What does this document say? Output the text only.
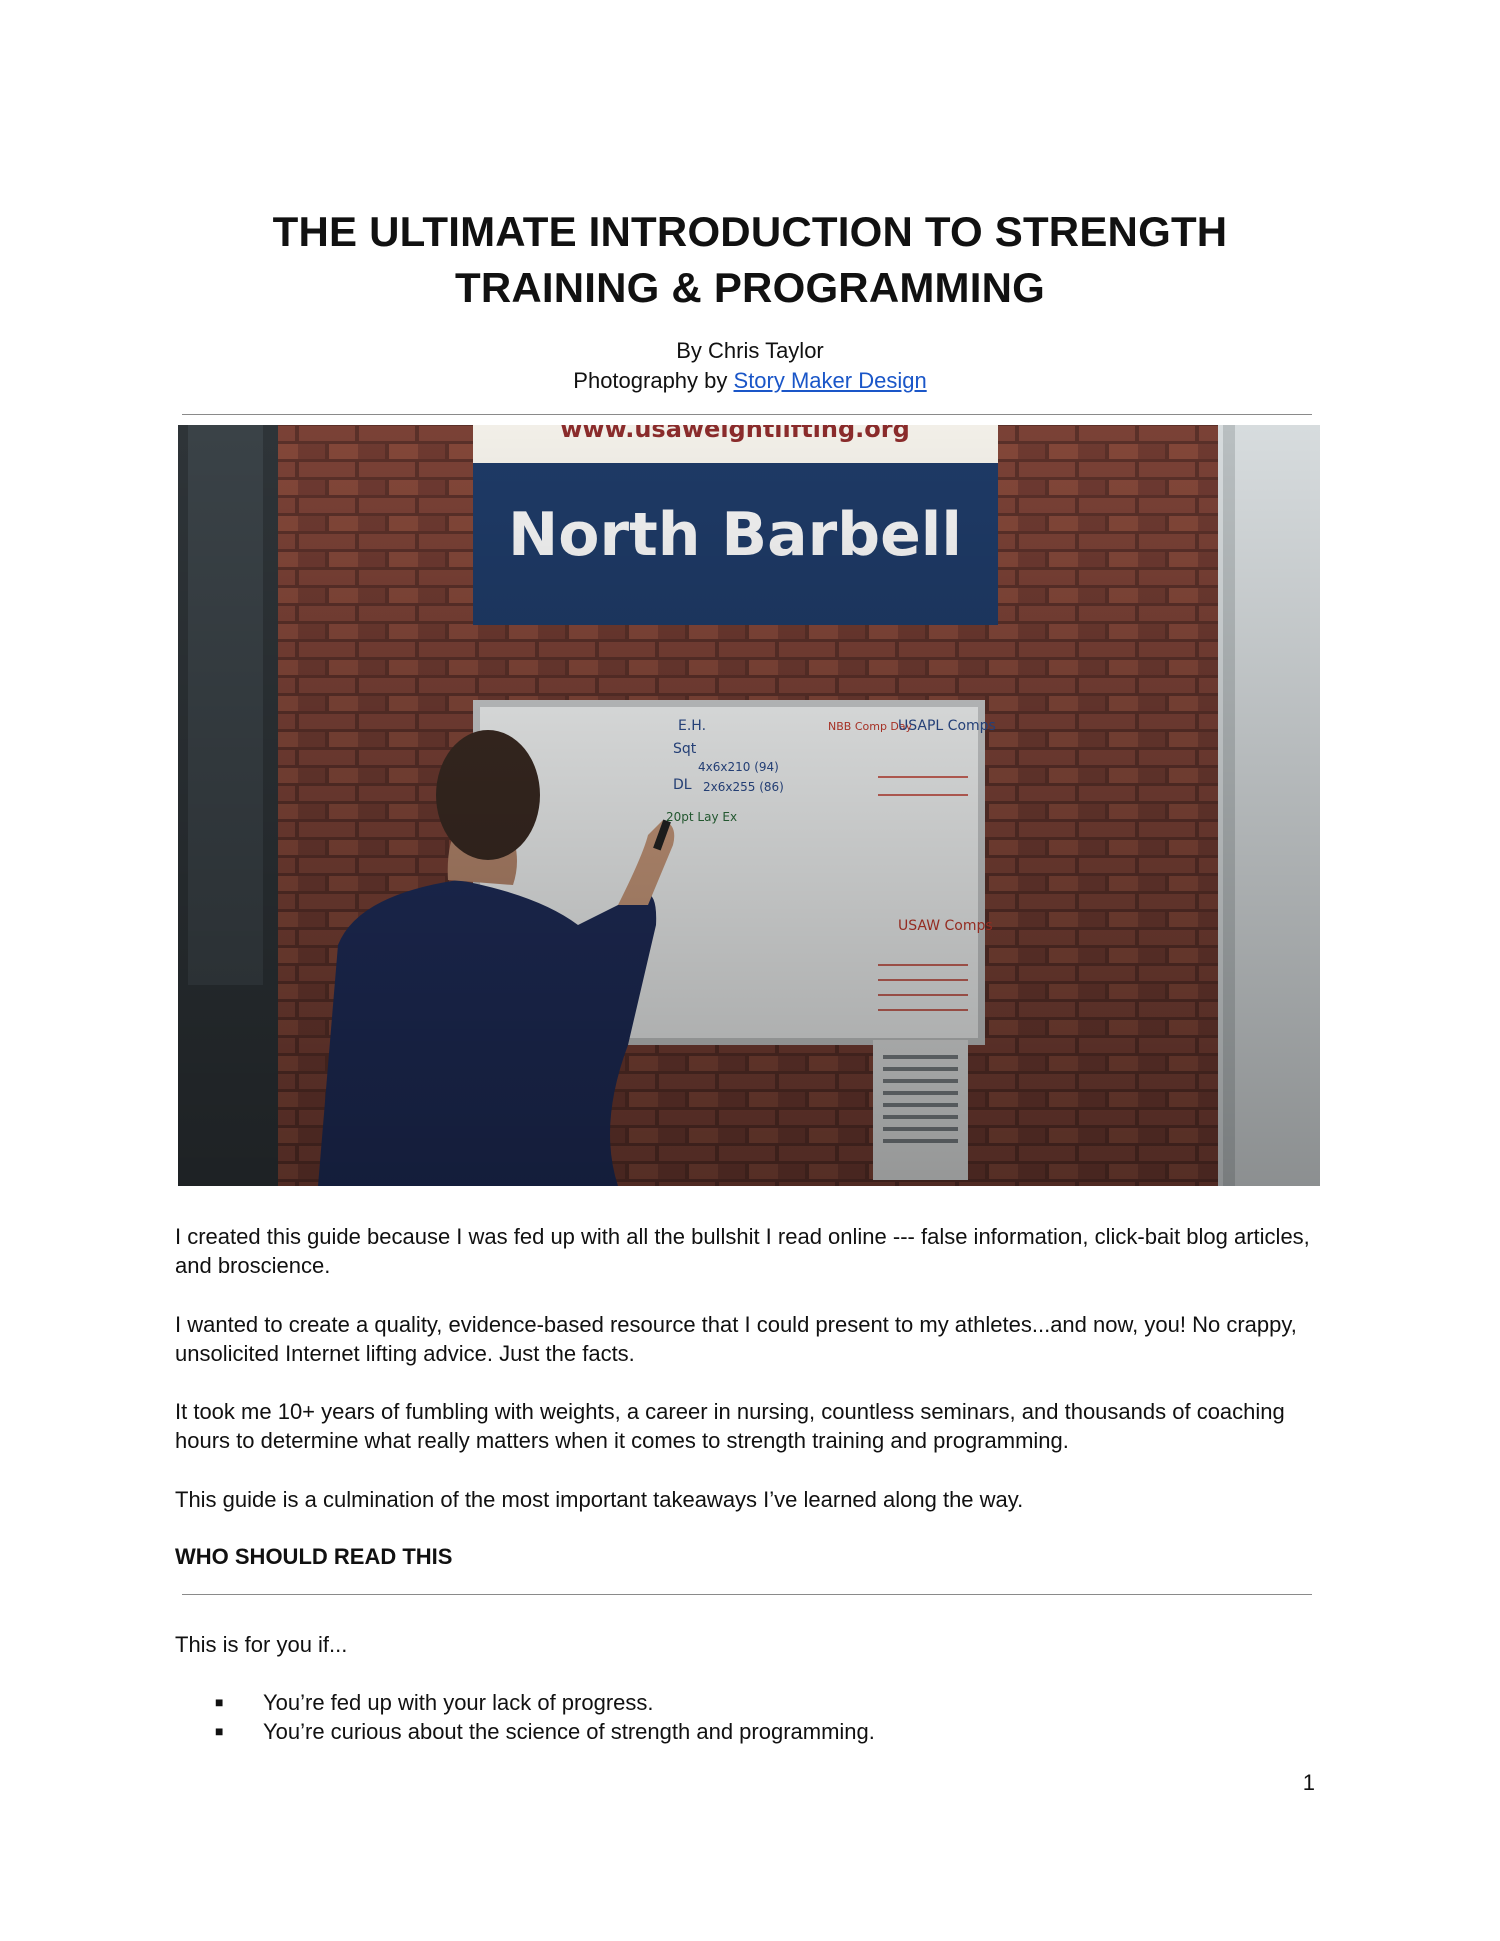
THE ULTIMATE INTRODUCTION TO STRENGTH
TRAINING & PROGRAMMING
By Chris Taylor
Photography by Story Maker Design

I created this guide because I was fed up with all the bullshit I read online --- false information, click-bait blog articles, and broscience.

I wanted to create a quality, evidence-based resource that I could present to my athletes...and now, you! No crappy, unsolicited Internet lifting advice. Just the facts.

It took me 10+ years of fumbling with weights, a career in nursing, countless seminars, and thousands of coaching hours to determine what really matters when it comes to strength training and programming.

This guide is a culmination of the most important takeaways I’ve learned along the way.

WHO SHOULD READ THIS

This is for you if...

■	You’re fed up with your lack of progress.
■	You’re curious about the science of strength and programming.
1
